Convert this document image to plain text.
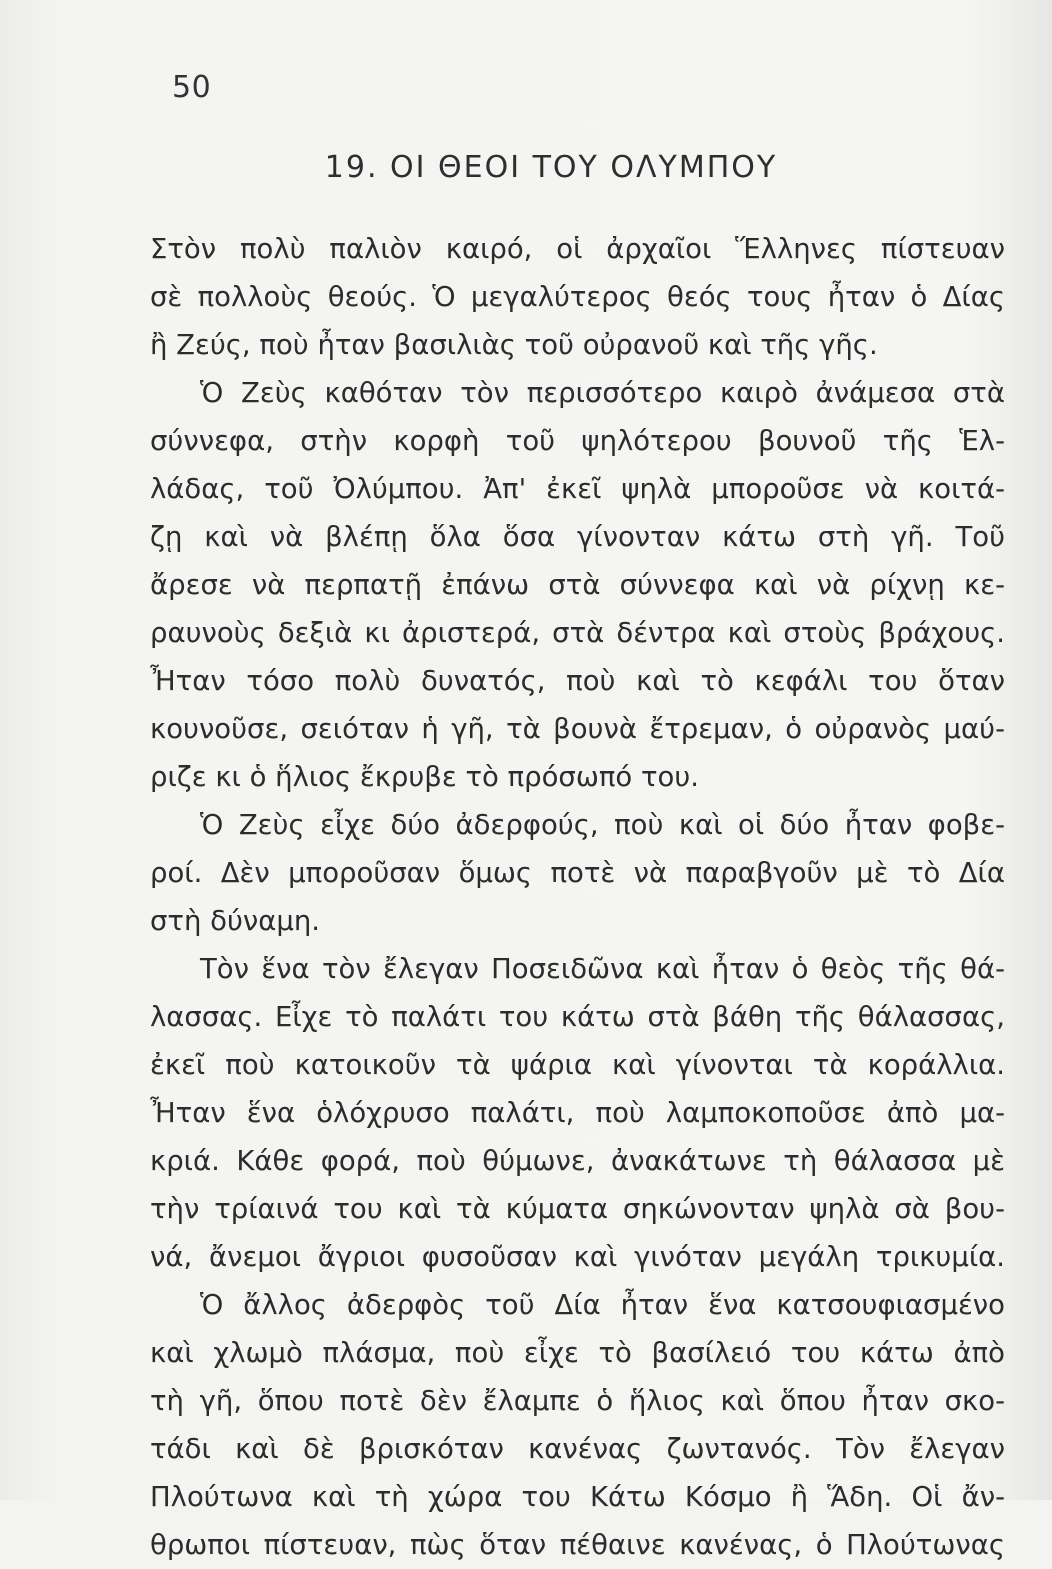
50
19. ΟΙ ΘΕΟΙ ΤΟΥ ΟΛΥΜΠΟΥ
Στὸν πολὺ παλιὸν καιρό, οἱ ἀρχαῖοι Ἕλληνες πίστευαν
σὲ πολλοὺς θεούς. Ὁ μεγαλύτερος θεός τους ἦταν ὁ Δίας
ἢ Ζεύς, ποὺ ἦταν βασιλιὰς τοῦ οὐρανοῦ καὶ τῆς γῆς.
Ὁ Ζεὺς καθόταν τὸν περισσότερο καιρὸ ἀνάμεσα στὰ
σύννεφα, στὴν κορφὴ τοῦ ψηλότερου βουνοῦ τῆς Ἑλ-
λάδας, τοῦ Ὀλύμπου. Ἀπ' ἐκεῖ ψηλὰ μποροῦσε νὰ κοιτά-
ζῃ καὶ νὰ βλέπῃ ὅλα ὅσα γίνονταν κάτω στὴ γῆ. Τοῦ
ἄρεσε νὰ περπατῇ ἐπάνω στὰ σύννεφα καὶ νὰ ρίχνῃ κε-
ραυνοὺς δεξιὰ κι ἀριστερά, στὰ δέντρα καὶ στοὺς βράχους.
Ἦταν τόσο πολὺ δυνατός, ποὺ καὶ τὸ κεφάλι του ὅταν
κουνοῦσε, σειόταν ἡ γῆ, τὰ βουνὰ ἔτρεμαν, ὁ οὐρανὸς μαύ-
ριζε κι ὁ ἥλιος ἔκρυβε τὸ πρόσωπό του.
Ὁ Ζεὺς εἶχε δύο ἀδερφούς, ποὺ καὶ οἱ δύο ἦταν φοβε-
ροί. Δὲν μποροῦσαν ὅμως ποτὲ νὰ παραβγοῦν μὲ τὸ Δία
στὴ δύναμη.
Τὸν ἕνα τὸν ἔλεγαν Ποσειδῶνα καὶ ἦταν ὁ θεὸς τῆς θά-
λασσας. Εἶχε τὸ παλάτι του κάτω στὰ βάθη τῆς θάλασσας,
ἐκεῖ ποὺ κατοικοῦν τὰ ψάρια καὶ γίνονται τὰ κοράλλια.
Ἦταν ἕνα ὁλόχρυσο παλάτι, ποὺ λαμποκοποῦσε ἀπὸ μα-
κριά. Κάθε φορά, ποὺ θύμωνε, ἀνακάτωνε τὴ θάλασσα μὲ
τὴν τρίαινά του καὶ τὰ κύματα σηκώνονταν ψηλὰ σὰ βου-
νά, ἄνεμοι ἄγριοι φυσοῦσαν καὶ γινόταν μεγάλη τρικυμία.
Ὁ ἄλλος ἀδερφὸς τοῦ Δία ἦταν ἕνα κατσουφιασμένο
καὶ χλωμὸ πλάσμα, ποὺ εἶχε τὸ βασίλειό του κάτω ἀπὸ
τὴ γῆ, ὅπου ποτὲ δὲν ἔλαμπε ὁ ἥλιος καὶ ὅπου ἦταν σκο-
τάδι καὶ δὲ βρισκόταν κανένας ζωντανός. Τὸν ἔλεγαν
Πλούτωνα καὶ τὴ χώρα του Κάτω Κόσμο ἢ Ἅδη. Οἱ ἄν-
θρωποι πίστευαν, πὼς ὅταν πέθαινε κανένας, ὁ Πλούτωνας
